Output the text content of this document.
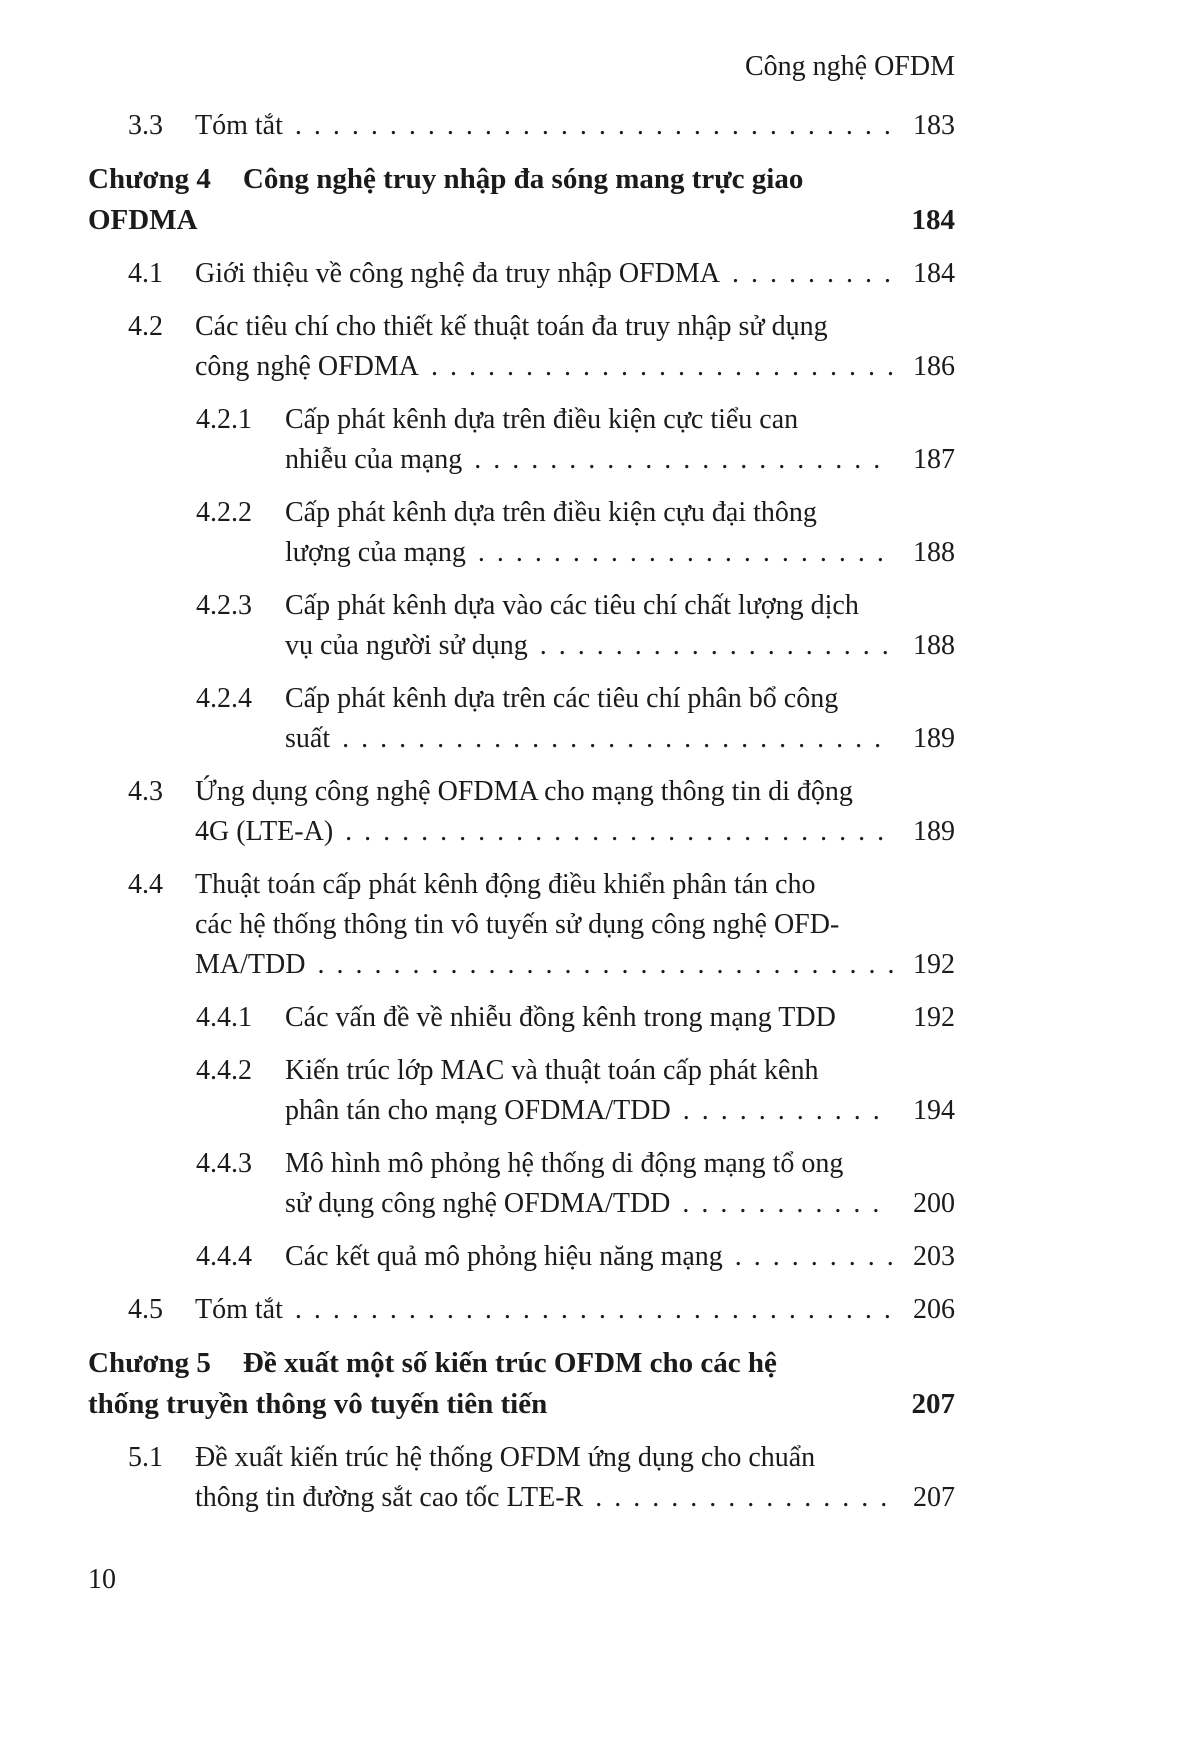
Công nghệ OFDM
3.3	Tóm tắt .....	183
Chương 4 Công nghệ truy nhập đa sóng mang trực giao
OFDMA	184
4.1	Giới thiệu về công nghệ đa truy nhập OFDMA .....	184
4.2	Các tiêu chí cho thiết kế thuật toán đa truy nhập sử dụng
công nghệ OFDMA .....	186
4.2.1	Cấp phát kênh dựa trên điều kiện cực tiểu can
nhiễu của mạng .....	187
4.2.2	Cấp phát kênh dựa trên điều kiện cựu đại thông
lượng của mạng .....	188
4.2.3	Cấp phát kênh dựa vào các tiêu chí chất lượng dịch
vụ của người sử dụng .....	188
4.2.4	Cấp phát kênh dựa trên các tiêu chí phân bổ công
suất .....	189
4.3	Ứng dụng công nghệ OFDMA cho mạng thông tin di động
4G (LTE-A) .....	189
4.4	Thuật toán cấp phát kênh động điều khiển phân tán cho
các hệ thống thông tin vô tuyến sử dụng công nghệ OFD-
MA/TDD .....	192
4.4.1	Các vấn đề về nhiễu đồng kênh trong mạng TDD	192
4.4.2	Kiến trúc lớp MAC và thuật toán cấp phát kênh
phân tán cho mạng OFDMA/TDD .....	194
4.4.3	Mô hình mô phỏng hệ thống di động mạng tổ ong
sử dụng công nghệ OFDMA/TDD .....	200
4.4.4	Các kết quả mô phỏng hiệu năng mạng .....	203
4.5	Tóm tắt .....	206
Chương 5 Đề xuất một số kiến trúc OFDM cho các hệ
thống truyền thông vô tuyến tiên tiến	207
5.1	Đề xuất kiến trúc hệ thống OFDM ứng dụng cho chuẩn
thông tin đường sắt cao tốc LTE-R .....	207
10
